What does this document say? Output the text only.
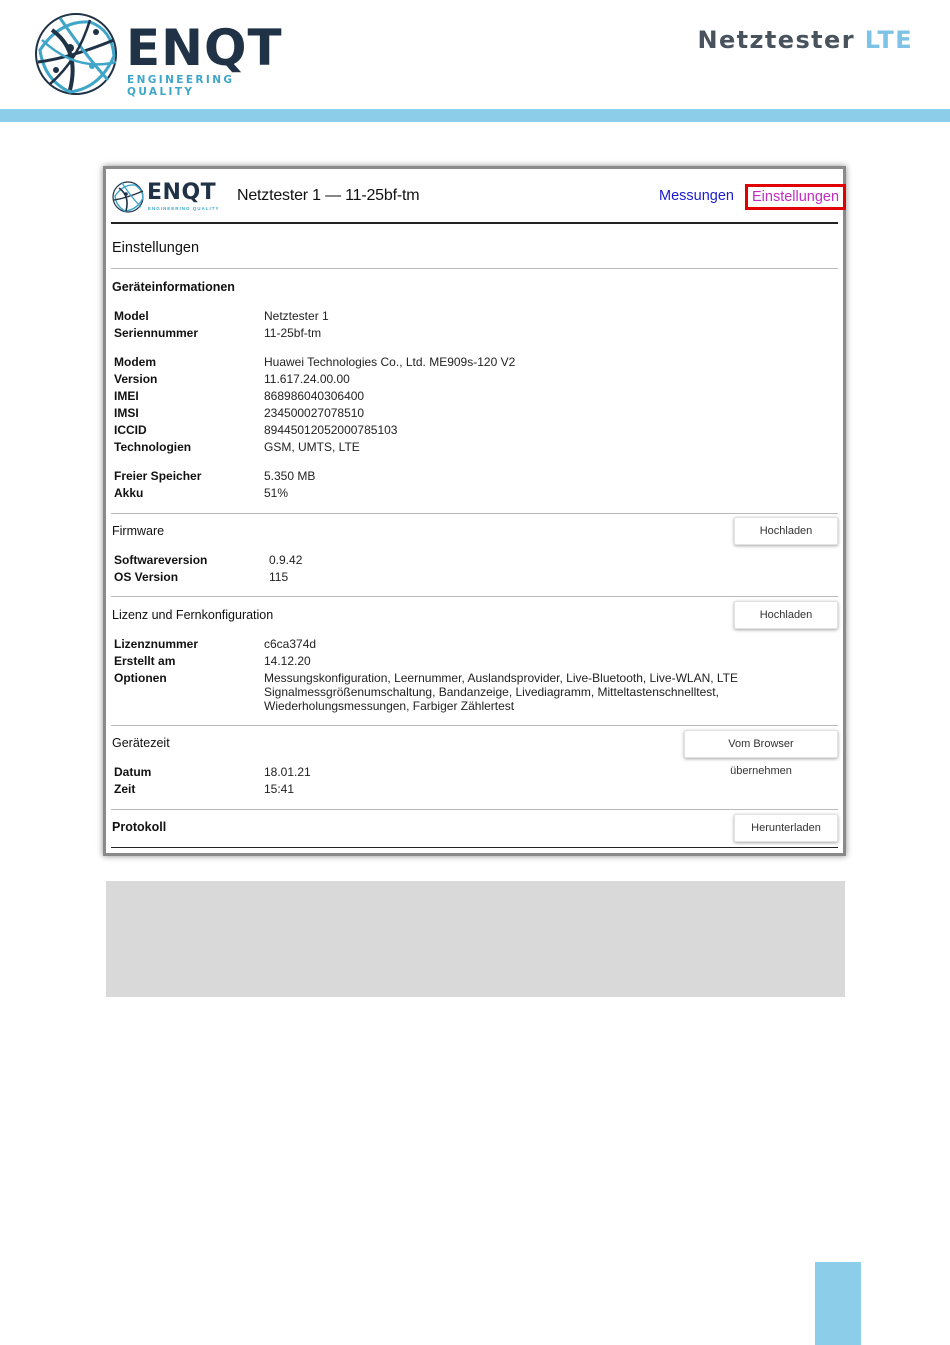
ENQT
ENGINEERING QUALITY
Netztester LTE
ENQT
ENGINEERING QUALITY
Netztester 1 — 11-25bf-tm	Messungen	Einstellungen
Einstellungen
Geräteinformationen
Model	Netztester 1
Seriennummer	11-25bf-tm
Modem	Huawei Technologies Co., Ltd. ME909s-120 V2
Version	11.617.24.00.00
IMEI	868986040306400
IMSI	234500027078510
ICCID	89445012052000785103
Technologien	GSM, UMTS, LTE
Freier Speicher	5.350 MB
Akku	51%
Firmware	Hochladen
Softwareversion	0.9.42
OS Version	115
Lizenz und Fernkonfiguration	Hochladen
Lizenznummer	c6ca374d
Erstellt am	14.12.20
Optionen	Messungskonfiguration, Leernummer, Auslandsprovider, Live-Bluetooth, Live-WLAN, LTE Signalmessgrößenumschaltung, Bandanzeige, Livediagramm, Mitteltastenschnelltest, Wiederholungsmessungen, Farbiger Zählertest
Gerätezeit	Vom Browser übernehmen
Datum	18.01.21
Zeit	15:41
Protokoll	Herunterladen
